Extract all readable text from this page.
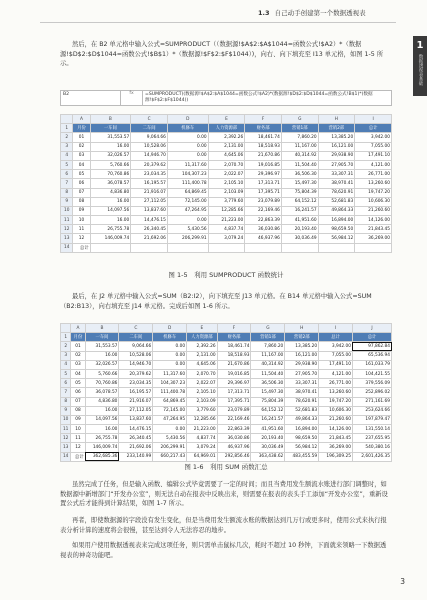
1.3 自己动手创建第一个数据透视表
1
数据透视表基础

然后，在 B2 单元格中输入公式=SUMPRODUCT（（数据源!$A$2:$A$1044=函数公式!$A2）*（数据源!$D$2:$D$1044=函数公式!$B$1）*（数据源!$F$2:$F$1044）)，向右、向下填充至 I13 单元格，如图 1-5 所示。

B2	fx	=SUMPRODUCT((数据源!$A$2:$A$1044=函数公式!$A2)*(数据源!$D$2:$D$1044=函数公式!B$1)*(数据源!$F$2:$F$1044))
	A	B	C	D	E	F	G	H	I
1	月份	一车间	二车间	机修车	人力资源部	财务部	营销1部	营销2部	总计
2	01	31,553.57	9,064.66	0.00	2,392.26	18,461.74	7,860.20	13,385.20	3,942.00
3	02	16.00	10,528.06	0.00	2,131.00	18,518.93	11,167.00	16,121.00	7,055.00
4	03	32,026.57	14,946.70	0.00	4,645.06	21,670.86	40,314.92	29,938.90	17,491.10
5	04	5,760.66	20,379.62	11,317.60	2,070.70	19,016.85	11,504.40	27,905.70	4,121.00
6	05	70,760.86	23,034.35	104,307.23	2,022.07	29,396.97	36,506.30	33,307.31	26,771.00
7	06	36,078.57	16,195.57	111,400.78	2,105.10	17,313.71	15,497.30	38,970.41	13,260.60
8	07	4,836.80	21,916.07	64,869.45	2,103.09	17,395.71	75,804.39	78,620.91	19,747.20
9	08	16.00	27,112.05	72,145.00	3,779.60	23,079.89	64,152.12	52,681.83	10,606.30
10	09	14,097.56	13,837.60	47,264.95	12,285.66	22,169.46	16,241.57	49,864.33	21,260.60
11	10	16.00	14,476.15	0.00	21,223.00	22,863.39	41,951.60	16,894.00	14,126.00
12	11	26,755.78	26,340.45	5,430.56	4,837.74	36,030.86	20,193.40	98,659.50	21,843.45
13	12	146,009.74	21,692.06	206,299.91	3,079.24	46,937.96	30,036.49	56,984.12	36,269.00
14	总计								

图 1-5　利用 SUMPRODUCT 函数统计

最后，在 J2 单元格中输入公式=SUM（B2:I2），向下填充至 J13 单元格。在 B14 单元格中输入公式=SUM（B2:B13），向右填充至 J14 单元格。完成后如图 1-6 所示。

	A	B	C	D	E	F	G	H	I	J
1	月份	一车间	二车间	机修车	人力资源部	财务部	营销1部	营销2部	总计	总计
2	01	31,553.57	9,064.66	0.00	2,392.26	18,461.74	7,860.20	13,385.20	3,942.00	97,862.84
3	02	16.00	10,528.06	0.00	2,131.00	18,518.93	11,167.00	16,121.00	7,055.00	65,536.94
4	03	32,026.57	14,946.70	0.00	4,645.06	21,670.86	40,314.92	29,938.90	17,491.10	161,033.79
5	04	5,760.66	20,379.62	11,317.60	2,070.70	19,016.85	11,504.40	27,905.70	4,121.00	104,421.55
6	05	70,760.86	23,034.35	104,307.23	2,022.07	29,396.97	36,506.30	33,307.31	26,771.00	379,556.09
7	06	36,078.57	16,195.57	111,400.78	2,105.10	17,313.71	15,497.30	38,970.41	13,260.60	252,896.02
8	07	4,836.80	21,916.07	64,869.45	2,103.09	17,395.71	75,804.39	78,620.91	19,747.20	271,161.69
9	08	16.00	27,112.05	72,145.00	3,779.60	23,079.89	64,152.12	52,681.83	10,606.30	253,624.66
10	09	14,097.56	13,837.60	47,264.95	12,285.66	22,169.46	16,241.57	49,864.33	21,260.60	197,879.47
11	10	16.00	14,476.15	0.00	21,223.00	22,863.39	41,951.60	16,894.00	14,126.00	131,550.14
12	11	26,755.78	26,340.45	5,430.56	4,837.74	36,030.86	20,193.40	98,659.50	21,843.45	237,655.95
13	12	146,009.74	21,692.06	206,299.91	3,079.24	46,937.96	30,036.49	56,984.12	36,269.00	540,380.16
14	总计	362,685.36	233,140.99	660,217.43	64,969.01	292,856.46	363,438.62	483,455.59	196,309.25	2,601,426.35

图 1-6　利用 SUM 函数汇总

虽然完成了任务，但是输入函数、编辑公式毕竟需要了一定的时间；而且当费用发生额流水账进行部门调整时，如数据源中新增部门“开发办公室”，则无法自动在报表中反映出来，则需要在报表的表头手工添加“开发办公室”，重新设置公式后才能得到计算结果，如图 1-7 所示。

再者，即使数据源的字段没有发生变化，但是当费用发生额流水账的数据达到几万行或更多时，使用公式来执行报表分析计算的速度将会很慢，甚至达到令人无法容忍的地步。

如果用户使用数据透视表来完成这项任务，则只需单击鼠标几次，耗时不超过 10 秒钟，下面就来领略一下数据透视表的神奇功能吧。

3
